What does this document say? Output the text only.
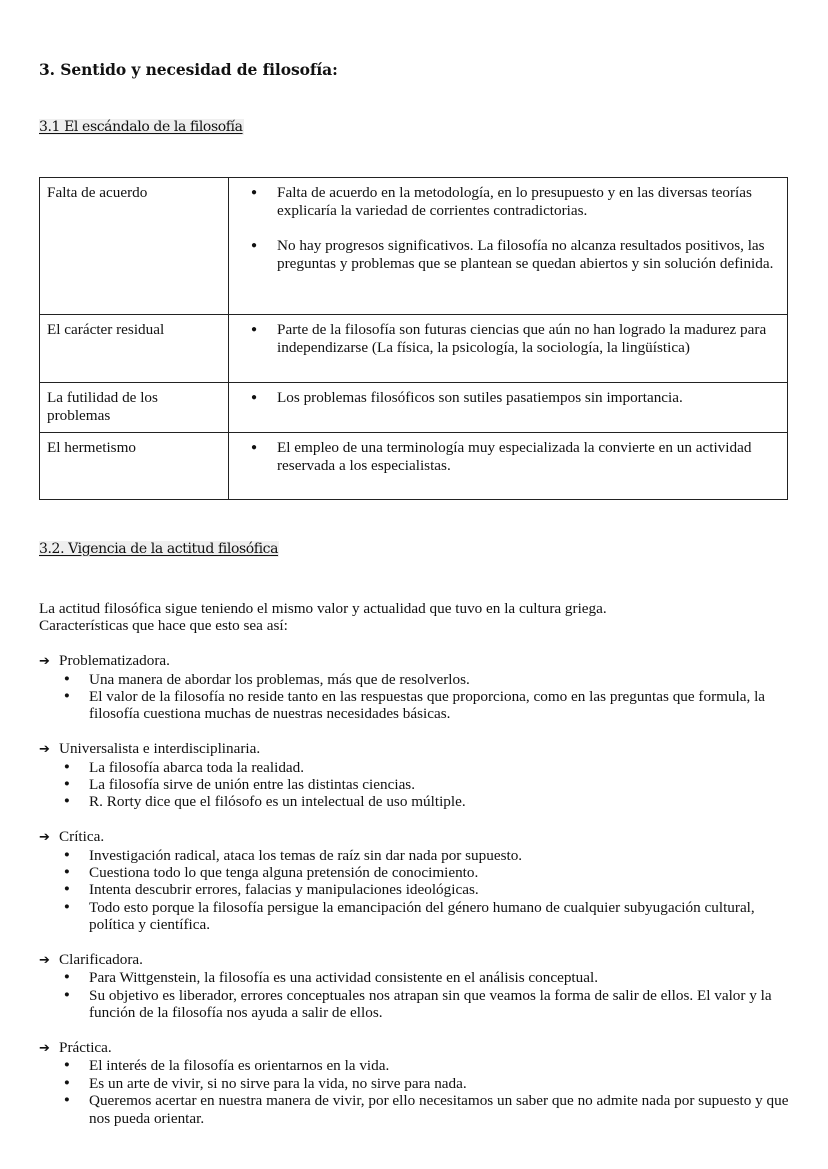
3. Sentido y necesidad de filosofía:
3.1 El escándalo de la filosofía
Falta de acuerdo	
●Falta de acuerdo en la metodología, en lo presupuesto y en las diversas teorías explicaría la variedad de corrientes contradictorias.
● No hay progresos significativos. La filosofía no alcanza resultados positivos, las preguntas y problemas que se plantean se quedan abiertos y sin solución definida.

El carácter residual	
●Parte de la filosofía son futuras ciencias que aún no han logrado la madurez para independizarse (La física, la psicología, la sociología, la lingüística)

La futilidad de los problemas	
● Los problemas filosóficos son sutiles pasatiempos sin importancia.

El hermetismo	
●El empleo de una terminología muy especializada la convierte en un actividad reservada a los especialistas.
3.2. Vigencia de la actitud filosófica

La actitud filosófica sigue teniendo el mismo valor y actualidad que tuvo en la cultura griega.

Características que hace que esto sea así:

➔ Problematizadora.
● Una manera de abordar los problemas, más que de resolverlos.
● El valor de la filosofía no reside tanto en las respuestas que proporciona, como en las preguntas que formula, la filosofía cuestiona muchas de nuestras necesidades básicas.
➔ Universalista e interdisciplinaria.
● La filosofía abarca toda la realidad.
● La filosofía sirve de unión entre las distintas ciencias.
● R. Rorty dice que el filósofo es un intelectual de uso múltiple.
➔ Crítica.
● Investigación radical, ataca los temas de raíz sin dar nada por supuesto.
● Cuestiona todo lo que tenga alguna pretensión de conocimiento.
● Intenta descubrir errores, falacias y manipulaciones ideológicas.
● Todo esto porque la filosofía persigue la emancipación del género humano de cualquier subyugación cultural, política y científica.
➔ Clarificadora.
● Para Wittgenstein, la filosofía es una actividad consistente en el análisis conceptual.
● Su objetivo es liberador, errores conceptuales nos atrapan sin que veamos la forma de salir de ellos. El valor y la función de la filosofía nos ayuda a salir de ellos.
➔ Práctica.
● El interés de la filosofía es orientarnos en la vida.
● Es un arte de vivir, si no sirve para la vida, no sirve para nada.
● Queremos acertar en nuestra manera de vivir, por ello necesitamos un saber que no admite nada por supuesto y que nos pueda orientar.
